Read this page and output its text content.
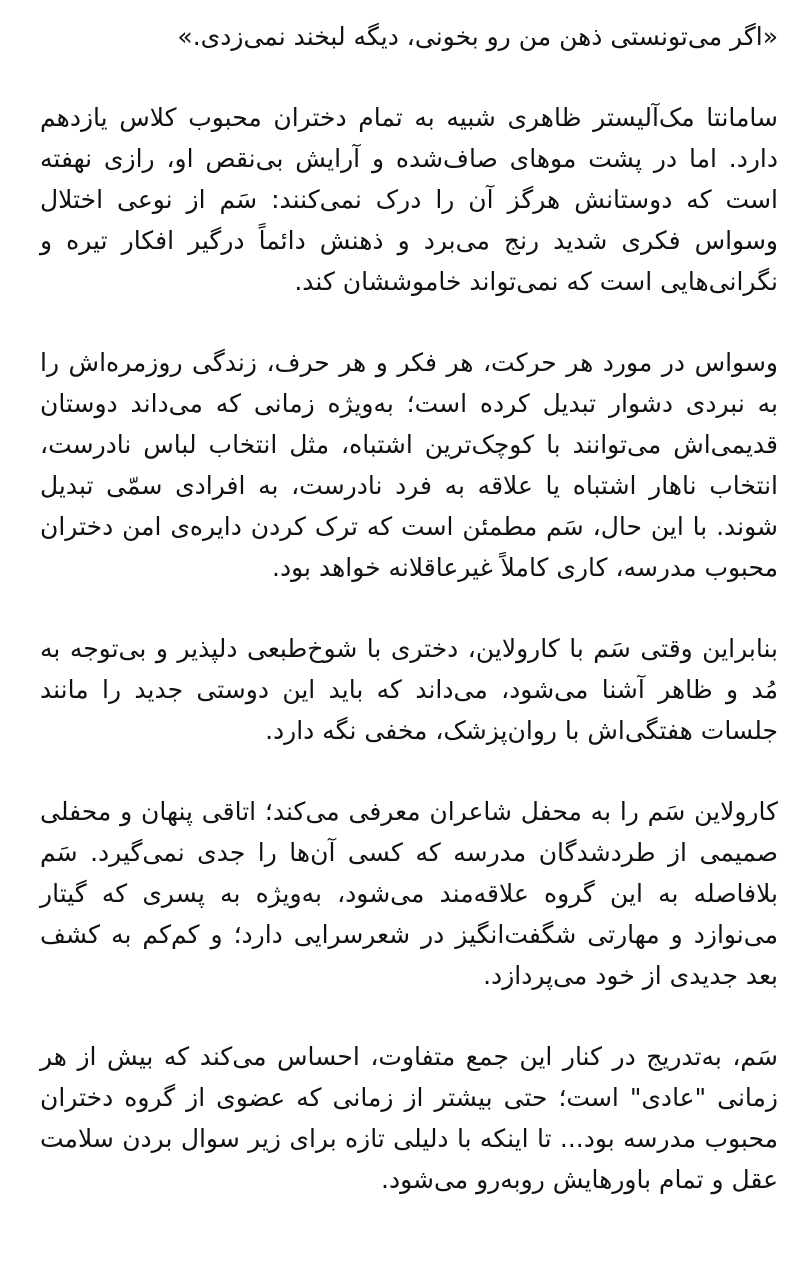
«اگر می‌تونستی ذهن من رو بخونی، دیگه لبخند نمی‌زدی.»

سامانتا مک‌آلیستر ظاهری شبیه به تمام دختران محبوب کلاس یازدهم دارد. اما در پشت موهای صاف‌شده و آرایش بی‌نقص او، رازی نهفته است که دوستانش هرگز آن را درک نمی‌کنند: سَم از نوعی اختلال وسواس فکری شدید رنج می‌برد و ذهنش دائماً درگیر افکار تیره و نگرانی‌هایی است که نمی‌تواند خاموششان کند.

وسواس در مورد هر حرکت، هر فکر و هر حرف، زندگی روزمره‌اش را به نبردی دشوار تبدیل کرده است؛ به‌ویژه زمانی که می‌داند دوستان قدیمی‌اش می‌توانند با کوچک‌ترین اشتباه، مثل انتخاب لباس نادرست، انتخاب ناهار اشتباه یا علاقه به فرد نادرست، به افرادی سمّی تبدیل شوند. با این حال، سَم مطمئن است که ترک کردن دایره‌ی امن دختران محبوب مدرسه، کاری کاملاً غیرعاقلانه خواهد بود.

بنابراین وقتی سَم با کارولاین، دختری با شوخ‌طبعی دلپذیر و بی‌توجه به مُد و ظاهر آشنا می‌شود، می‌داند که باید این دوستی جدید را مانند جلسات هفتگی‌اش با روان‌پزشک، مخفی نگه دارد.

کارولاین سَم را به محفل شاعران معرفی می‌کند؛ اتاقی پنهان و محفلی صمیمی از طردشدگان مدرسه که کسی آن‌ها را جدی نمی‌گیرد. سَم بلافاصله به این گروه علاقه‌مند می‌شود، به‌ویژه به پسری که گیتار می‌نوازد و مهارتی شگفت‌انگیز در شعرسرایی دارد؛ و کم‌کم به کشف بعد جدیدی از خود می‌پردازد.

سَم، به‌تدریج در کنار این جمع متفاوت، احساس می‌کند که بیش از هر زمانی "عادی" است؛ حتی بیشتر از زمانی که عضوی از گروه دختران محبوب مدرسه بود... تا اینکه با دلیلی تازه برای زیر سوال بردن سلامت عقل و تمام باورهایش روبه‌رو می‌شود.
